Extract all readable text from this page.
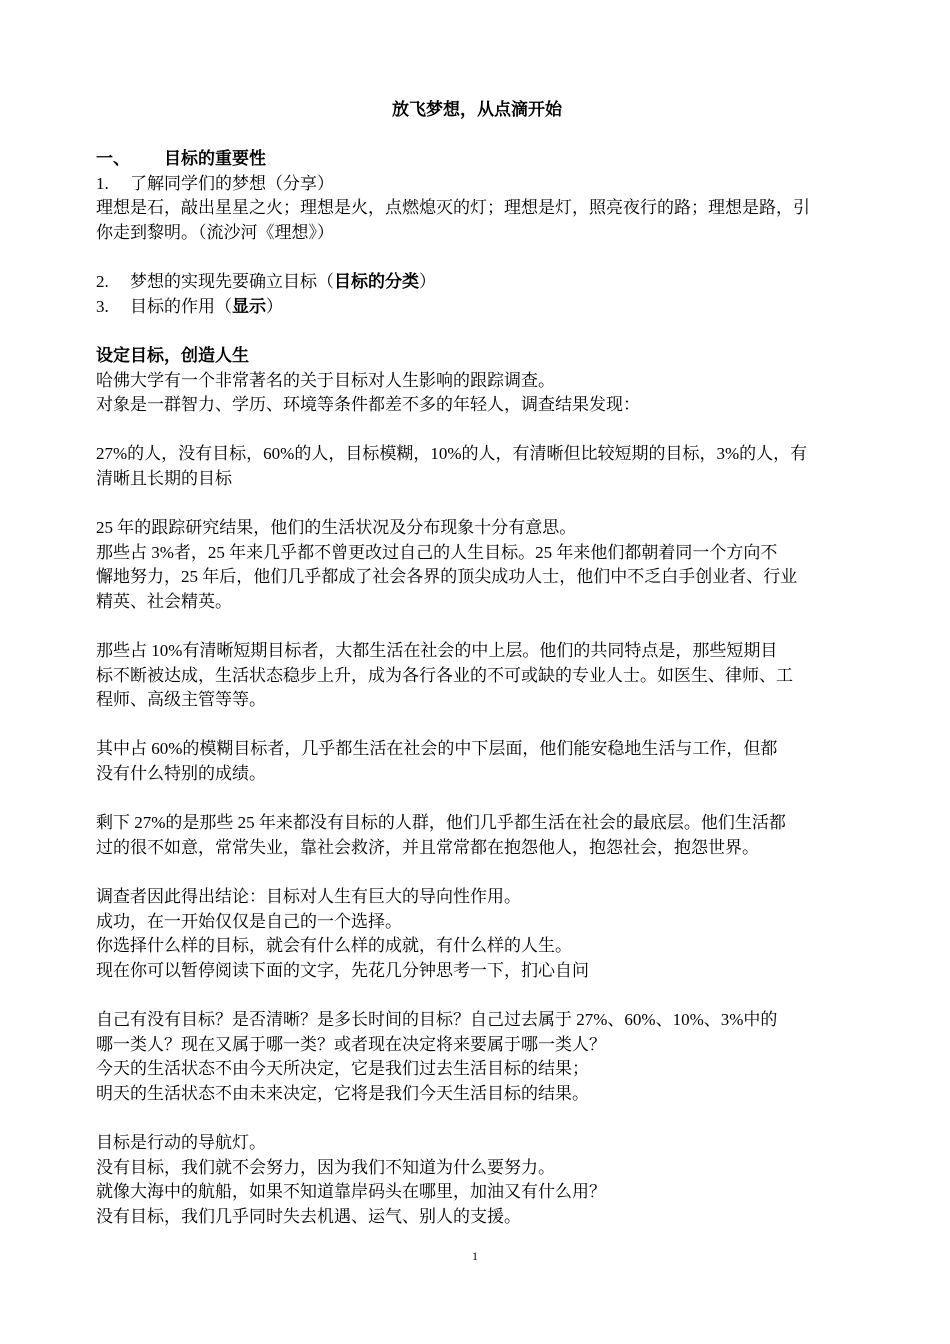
放飞梦想，从点滴开始
一、	目标的重要性
1. 了解同学们的梦想（分享）
理想是石，敲出星星之火；理想是火，点燃熄灭的灯；理想是灯，照亮夜行的路；理想是路，引
你走到黎明。（流沙河《理想》）
2. 梦想的实现先要确立目标（目标的分类）
3. 目标的作用（显示）
设定目标，创造人生
哈佛大学有一个非常著名的关于目标对人生影响的跟踪调查。
对象是一群智力、学历、环境等条件都差不多的年轻人，调查结果发现：
27%的人，没有目标，60%的人，目标模糊，10%的人，有清晰但比较短期的目标，3%的人，有
清晰且长期的目标
25 年的跟踪研究结果，他们的生活状况及分布现象十分有意思。
那些占 3%者，25 年来几乎都不曾更改过自己的人生目标。25 年来他们都朝着同一个方向不
懈地努力，25 年后，他们几乎都成了社会各界的顶尖成功人士，他们中不乏白手创业者、行业
精英、社会精英。
那些占 10%有清晰短期目标者，大都生活在社会的中上层。他们的共同特点是，那些短期目
标不断被达成，生活状态稳步上升，成为各行各业的不可或缺的专业人士。如医生、律师、工
程师、高级主管等等。
其中占 60%的模糊目标者，几乎都生活在社会的中下层面，他们能安稳地生活与工作，但都
没有什么特别的成绩。
剩下 27%的是那些 25 年来都没有目标的人群，他们几乎都生活在社会的最底层。他们生活都
过的很不如意，常常失业，靠社会救济，并且常常都在抱怨他人，抱怨社会，抱怨世界。
调查者因此得出结论：目标对人生有巨大的导向性作用。
成功，在一开始仅仅是自己的一个选择。
你选择什么样的目标，就会有什么样的成就，有什么样的人生。
现在你可以暂停阅读下面的文字，先花几分钟思考一下，扪心自问
自己有没有目标？是否清晰？是多长时间的目标？自己过去属于 27%、60%、10%、3%中的
哪一类人？现在又属于哪一类？或者现在决定将来要属于哪一类人？
今天的生活状态不由今天所决定，它是我们过去生活目标的结果；
明天的生活状态不由未来决定，它将是我们今天生活目标的结果。
目标是行动的导航灯。
没有目标，我们就不会努力，因为我们不知道为什么要努力。
就像大海中的航船，如果不知道靠岸码头在哪里，加油又有什么用？
没有目标，我们几乎同时失去机遇、运气、别人的支援。
1
